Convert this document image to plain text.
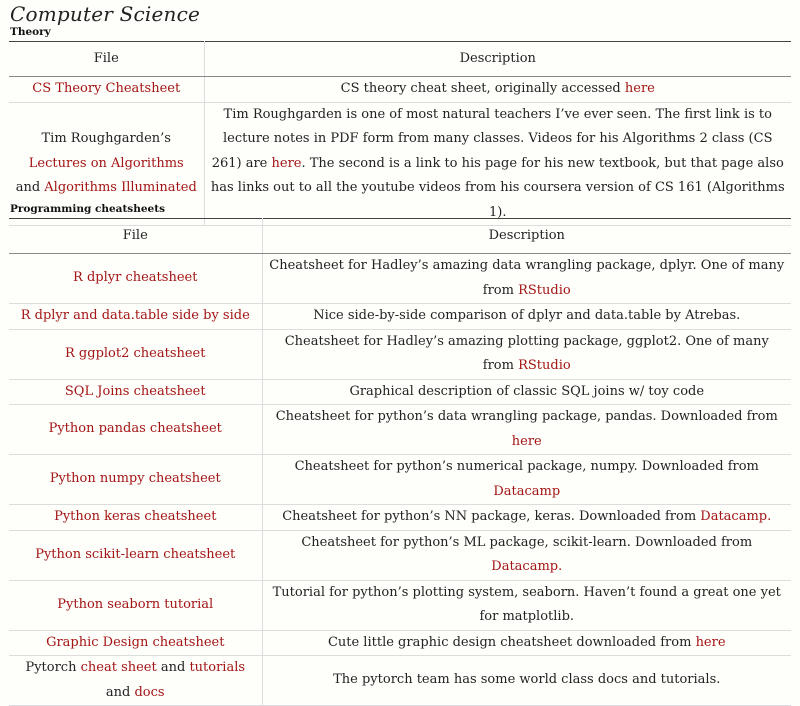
Computer Science
Theory
File	Description
CS Theory Cheatsheet	CS theory cheat sheet, originally accessed here
Tim Roughgarden’s Lectures on Algorithms and Algorithms Illuminated	Tim Roughgarden is one of most natural teachers I’ve ever seen. The first link is to lecture notes in PDF form from many classes. Videos for his Algorithms 2 class (CS 261) are here. The second is a link to his page for his new textbook, but that page also has links out to all the youtube videos from his coursera version of CS 161 (Algorithms 1).
Programming cheatsheets
File	Description
R dplyr cheatsheet	Cheatsheet for Hadley’s amazing data wrangling package, dplyr. One of many from RStudio
R dplyr and data.table side by side	Nice side-by-side comparison of dplyr and data.table by Atrebas.
R ggplot2 cheatsheet	Cheatsheet for Hadley’s amazing plotting package, ggplot2. One of many from RStudio
SQL Joins cheatsheet	Graphical description of classic SQL joins w/ toy code
Python pandas cheatsheet	Cheatsheet for python’s data wrangling package, pandas. Downloaded from here
Python numpy cheatsheet	Cheatsheet for python’s numerical package, numpy. Downloaded from Datacamp
Python keras cheatsheet	Cheatsheet for python’s NN package, keras. Downloaded from Datacamp.
Python scikit-learn cheatsheet	Cheatsheet for python’s ML package, scikit-learn. Downloaded from Datacamp.
Python seaborn tutorial	Tutorial for python’s plotting system, seaborn. Haven’t found a great one yet for matplotlib.
Graphic Design cheatsheet	Cute little graphic design cheatsheet downloaded from here
Pytorch cheat sheet and tutorials and docs	The pytorch team has some world class docs and tutorials.
